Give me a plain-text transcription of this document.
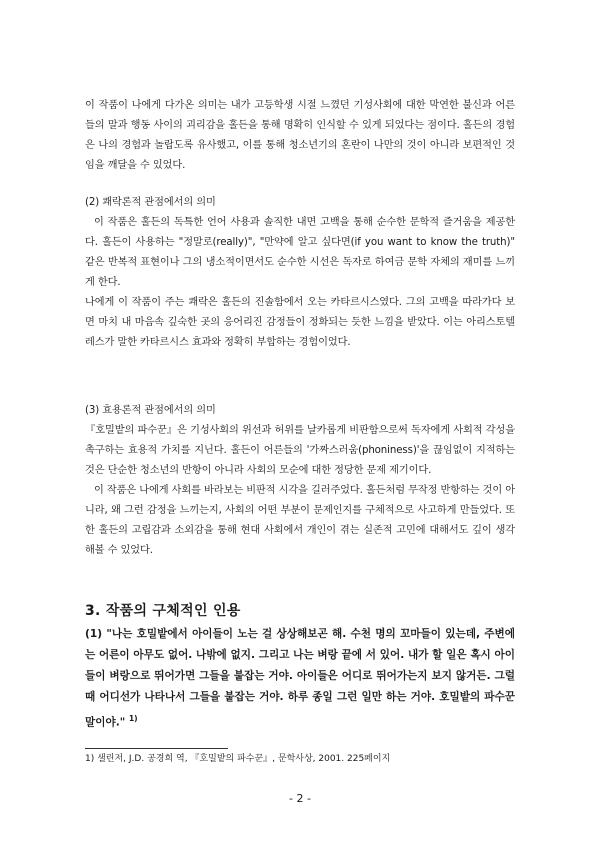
이 작품이 나에게 다가온 의미는 내가 고등학생 시절 느꼈던 기성사회에 대한 막연한 불신과 어른들의 말과 행동 사이의 괴리감을 홀든을 통해 명확히 인식할 수 있게 되었다는 점이다. 홀든의 경험은 나의 경험과 놀랍도록 유사했고, 이를 통해 청소년기의 혼란이 나만의 것이 아니라 보편적인 것임을 깨달을 수 있었다.

(2) 쾌락론적 관점에서의 의미

이 작품은 홀든의 독특한 언어 사용과 솔직한 내면 고백을 통해 순수한 문학적 즐거움을 제공한다. 홀든이 사용하는 "정말로(really)", "만약에 알고 싶다면(if you want to know the truth)" 같은 반복적 표현이나 그의 냉소적이면서도 순수한 시선은 독자로 하여금 문학 자체의 재미를 느끼게 한다.

나에게 이 작품이 주는 쾌락은 홀든의 진솔함에서 오는 카타르시스였다. 그의 고백을 따라가다 보면 마치 내 마음속 깊숙한 곳의 응어리진 감정들이 정화되는 듯한 느낌을 받았다. 이는 아리스토텔레스가 말한 카타르시스 효과와 정확히 부합하는 경험이었다.

(3) 효용론적 관점에서의 의미

『호밀밭의 파수꾼』은 기성사회의 위선과 허위를 날카롭게 비판함으로써 독자에게 사회적 각성을 촉구하는 효용적 가치를 지닌다. 홀든이 어른들의 '가짜스러움(phoniness)'을 끊임없이 지적하는 것은 단순한 청소년의 반항이 아니라 사회의 모순에 대한 정당한 문제 제기이다.

이 작품은 나에게 사회를 바라보는 비판적 시각을 길러주었다. 홀든처럼 무작정 반항하는 것이 아니라, 왜 그런 감정을 느끼는지, 사회의 어떤 부분이 문제인지를 구체적으로 사고하게 만들었다. 또한 홀든의 고립감과 소외감을 통해 현대 사회에서 개인이 겪는 실존적 고민에 대해서도 깊이 생각해볼 수 있었다.

3. 작품의 구체적인 인용
(1) "나는 호밀밭에서 아이들이 노는 걸 상상해보곤 해. 수천 명의 꼬마들이 있는데, 주변에는 어른이 아무도 없어. 나밖에 없지. 그리고 나는 벼랑 끝에 서 있어. 내가 할 일은 혹시 아이들이 벼랑으로 뛰어가면 그들을 붙잡는 거야. 아이들은 어디로 뛰어가는지 보지 않거든. 그럴 때 어디선가 나타나서 그들을 붙잡는 거야. 하루 종일 그런 일만 하는 거야. 호밀밭의 파수꾼 말이야." $^{1)}$
1) 샐린저, J.D. 공경희 역, 『호밀밭의 파수꾼』, 문학사상, 2001. 225페이지
- 2 -
